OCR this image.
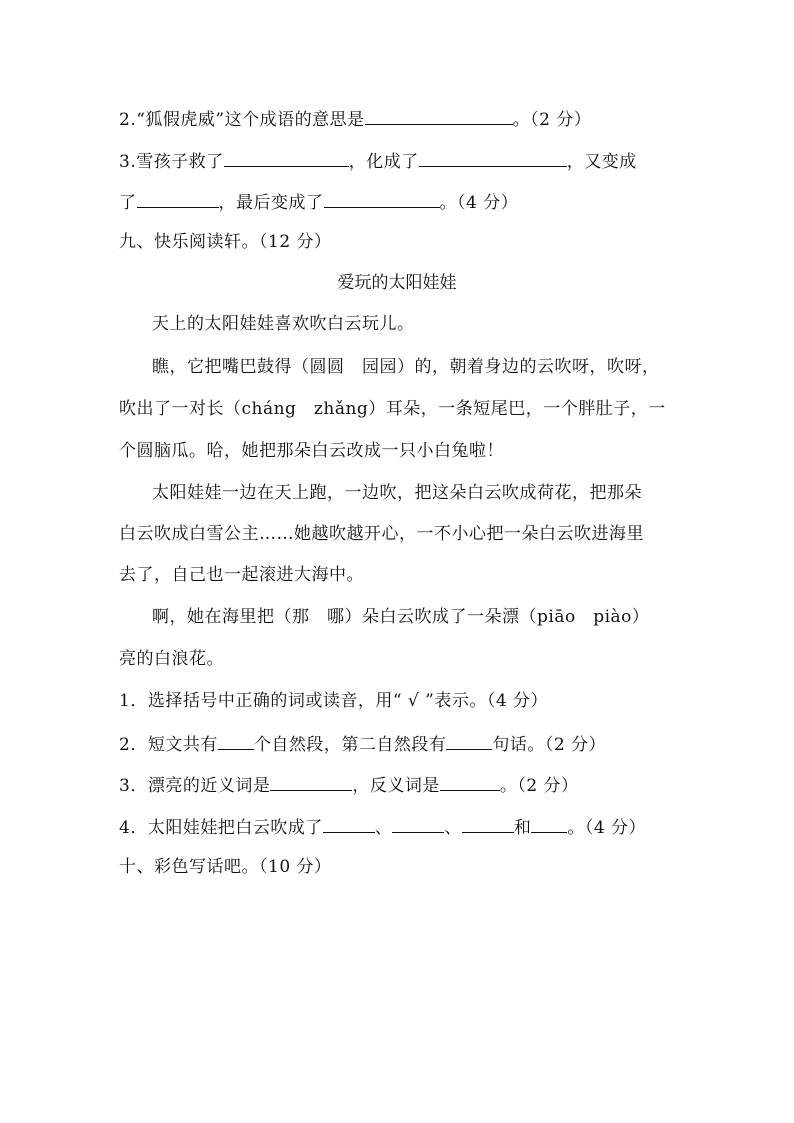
2.“狐假虎威”这个成语的意思是	。（2 分）
3.雪孩子救了	，化成了	，又变成
了	，最后变成了	。（4 分）
九、快乐阅读轩。（12 分）
爱玩的太阳娃娃
天上的太阳娃娃喜欢吹白云玩儿。
瞧，它把嘴巴鼓得（圆圆　园园）的，朝着身边的云吹呀，吹呀，
吹出了一对长（cháng　zhǎng）耳朵，一条短尾巴，一个胖肚子，一
个圆脑瓜。哈，她把那朵白云改成一只小白兔啦！
太阳娃娃一边在天上跑，一边吹，把这朵白云吹成荷花，把那朵
白云吹成白雪公主……她越吹越开心，一不小心把一朵白云吹进海里
去了，自己也一起滚进大海中。
啊，她在海里把（那　哪）朵白云吹成了一朵漂（piāo　piào）
亮的白浪花。
1．选择括号中正确的词或读音，用“ √ ”表示。（4 分）
2．短文共有 个自然段，第二自然段有	句话。（2 分）
3．漂亮的近义词是	，反义词是	。（2 分）
4．太阳娃娃把白云吹成了	、	、	和 。（4 分）
十、彩色写话吧。（10 分）
